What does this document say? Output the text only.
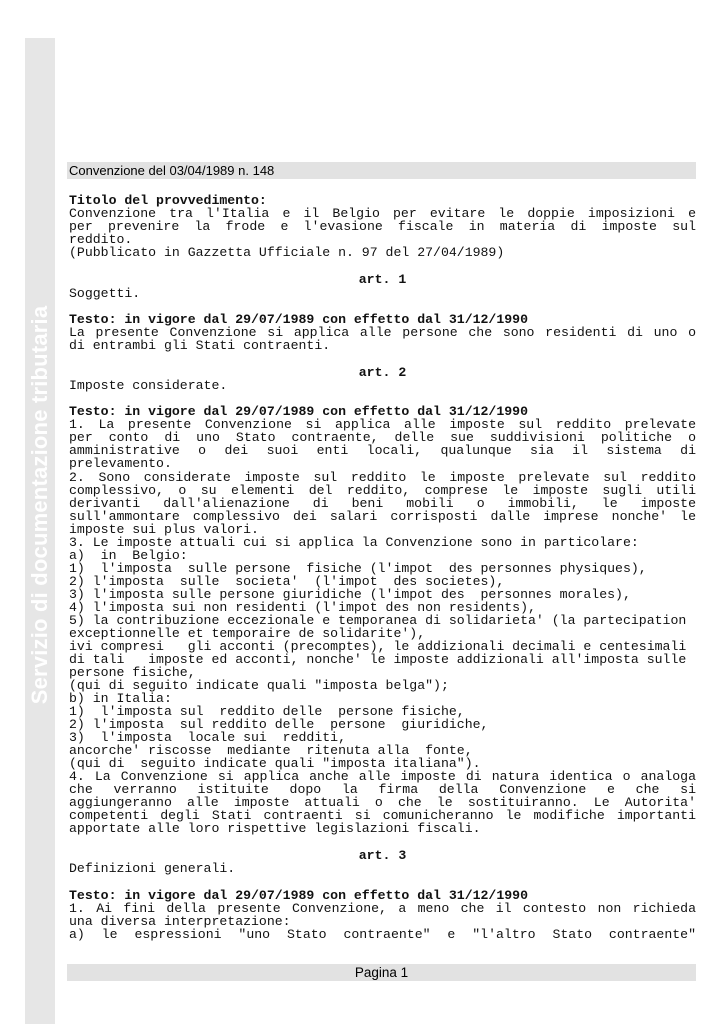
Servizio di documentazione tributaria
Convenzione del 03/04/1989 n. 148
Pagina 1
Titolo del provvedimento:
Convenzione tra l'Italia e il Belgio per evitare le doppie imposizioni e
per prevenire la frode e l'evasione fiscale in materia di imposte sul
reddito.
(Pubblicato in Gazzetta Ufficiale n. 97 del 27/04/1989)
art. 1
Soggetti.
Testo: in vigore dal 29/07/1989 con effetto dal 31/12/1990
La presente Convenzione si applica alle persone che sono residenti di uno o
di entrambi gli Stati contraenti.
art. 2
Imposte considerate.
Testo: in vigore dal 29/07/1989 con effetto dal 31/12/1990
1. La presente Convenzione si applica alle imposte sul reddito prelevate
per conto di uno Stato contraente, delle sue suddivisioni politiche o
amministrative o dei suoi enti locali, qualunque sia il sistema di
prelevamento.
2. Sono considerate imposte sul reddito le imposte prelevate sul reddito
complessivo, o su elementi del reddito, comprese le imposte sugli utili
derivanti dall'alienazione di beni mobili o immobili, le imposte
sull'ammontare complessivo dei salari corrisposti dalle imprese nonche' le
imposte sui plus valori.
3. Le imposte attuali cui si applica la Convenzione sono in particolare:
a)  in  Belgio:
1)  l'imposta  sulle persone  fisiche (l'impot  des personnes physiques),
2) l'imposta  sulle  societa'  (l'impot  des societes),
3) l'imposta sulle persone giuridiche (l'impot des  personnes morales),
4) l'imposta sui non residenti (l'impot des non residents),
5) la contribuzione eccezionale e temporanea di solidarieta' (la partecipation
exceptionnelle et temporaire de solidarite'),
ivi compresi   gli acconti (precomptes), le addizionali decimali e centesimali
di tali   imposte ed acconti, nonche' le imposte addizionali all'imposta sulle
persone fisiche,
(qui di seguito indicate quali "imposta belga");
b) in Italia:
1)  l'imposta sul  reddito delle  persone fisiche,
2) l'imposta  sul reddito delle  persone  giuridiche,
3)  l'imposta  locale sui  redditi,
ancorche' riscosse  mediante  ritenuta alla  fonte,
(qui di  seguito indicate quali "imposta italiana").
4. La Convenzione si applica anche alle imposte di natura identica o analoga
che verranno istituite dopo la firma della Convenzione e che si
aggiungeranno alle imposte attuali o che le sostituiranno. Le Autorita'
competenti degli Stati contraenti si comunicheranno le modifiche importanti
apportate alle loro rispettive legislazioni fiscali.
art. 3
Definizioni generali.
Testo: in vigore dal 29/07/1989 con effetto dal 31/12/1990
1. Ai fini della presente Convenzione, a meno che il contesto non richieda
una diversa interpretazione:
a) le espressioni "uno Stato contraente" e "l'altro Stato contraente"
